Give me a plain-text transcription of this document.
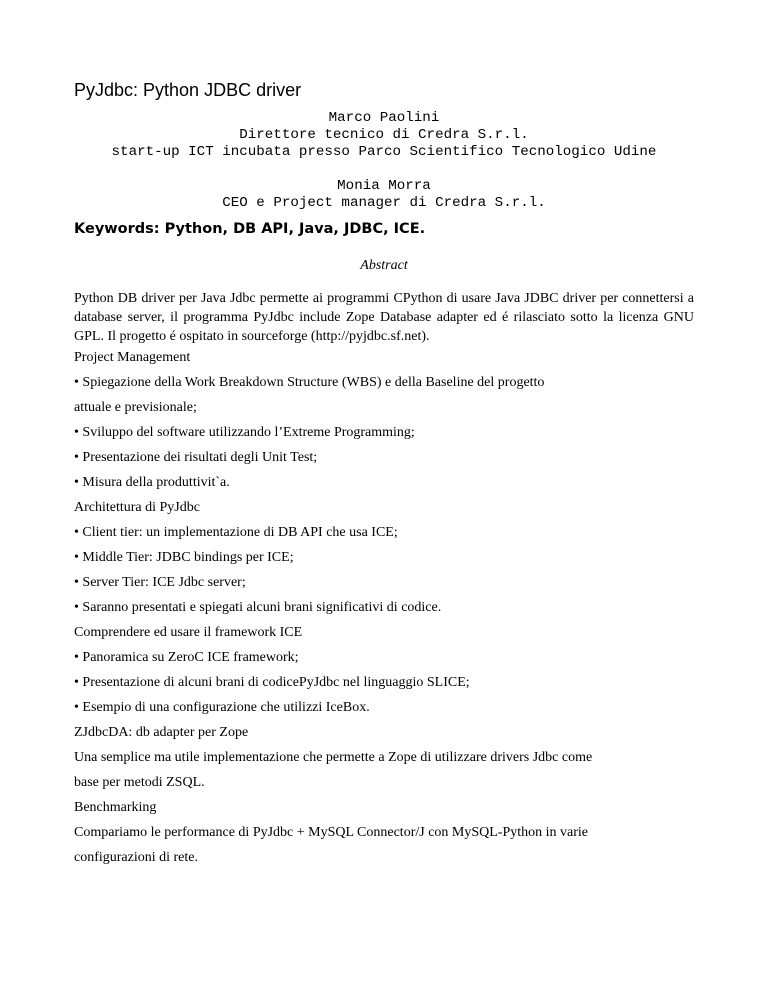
PyJdbc: Python JDBC driver
Marco Paolini
Direttore tecnico di Credra S.r.l.
start-up ICT incubata presso Parco Scientifico Tecnologico Udine
Monia Morra
CEO e Project manager di Credra S.r.l.
Keywords: Python, DB API, Java, JDBC, ICE.
Abstract
Python DB driver per Java Jdbc permette ai programmi CPython di usare Java JDBC driver per connettersi a database server, il programma PyJdbc include Zope Database adapter ed é rilasciato sotto la licenza GNU GPL. Il progetto é ospitato in sourceforge (http://pyjdbc.sf.net).
Project Management
• Spiegazione della Work Breakdown Structure (WBS) e della Baseline del progetto
attuale e previsionale;
• Sviluppo del software utilizzando l’Extreme Programming;
• Presentazione dei risultati degli Unit Test;
• Misura della produttivit`a.
Architettura di PyJdbc
• Client tier: un implementazione di DB API che usa ICE;
• Middle Tier: JDBC bindings per ICE;
• Server Tier: ICE Jdbc server;
• Saranno presentati e spiegati alcuni brani significativi di codice.
Comprendere ed usare il framework ICE
• Panoramica su ZeroC ICE framework;
• Presentazione di alcuni brani di codicePyJdbc nel linguaggio SLICE;
• Esempio di una configurazione che utilizzi IceBox.
ZJdbcDA: db adapter per Zope
Una semplice ma utile implementazione che permette a Zope di utilizzare drivers Jdbc come
base per metodi ZSQL.
Benchmarking
Compariamo le performance di PyJdbc + MySQL Connector/J con MySQL-Python in varie
configurazioni di rete.
